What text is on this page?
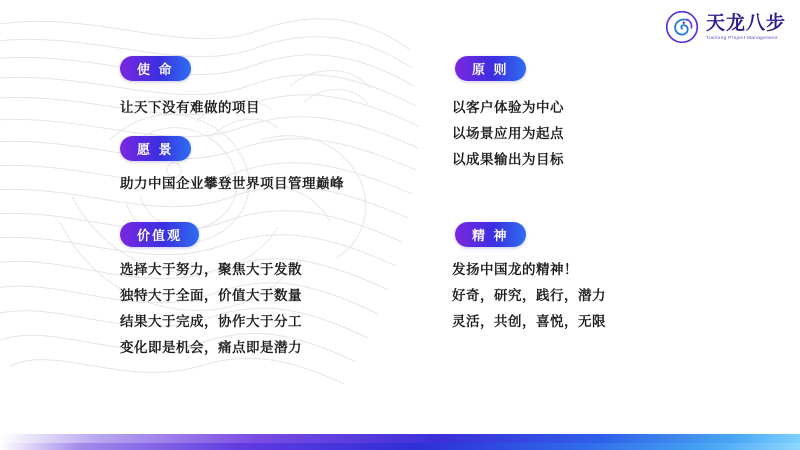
天龙八步
Tianlong Project Management
使 命
让天下没有难做的项目
愿 景
助力中国企业攀登世界项目管理巅峰
价值观
选择大于努力，聚焦大于发散
独特大于全面，价值大于数量
结果大于完成，协作大于分工
变化即是机会，痛点即是潜力
原 则
以客户体验为中心
以场景应用为起点
以成果输出为目标
精 神
发扬中国龙的精神！
好奇，研究，践行，潜力
灵活，共创，喜悦，无限
